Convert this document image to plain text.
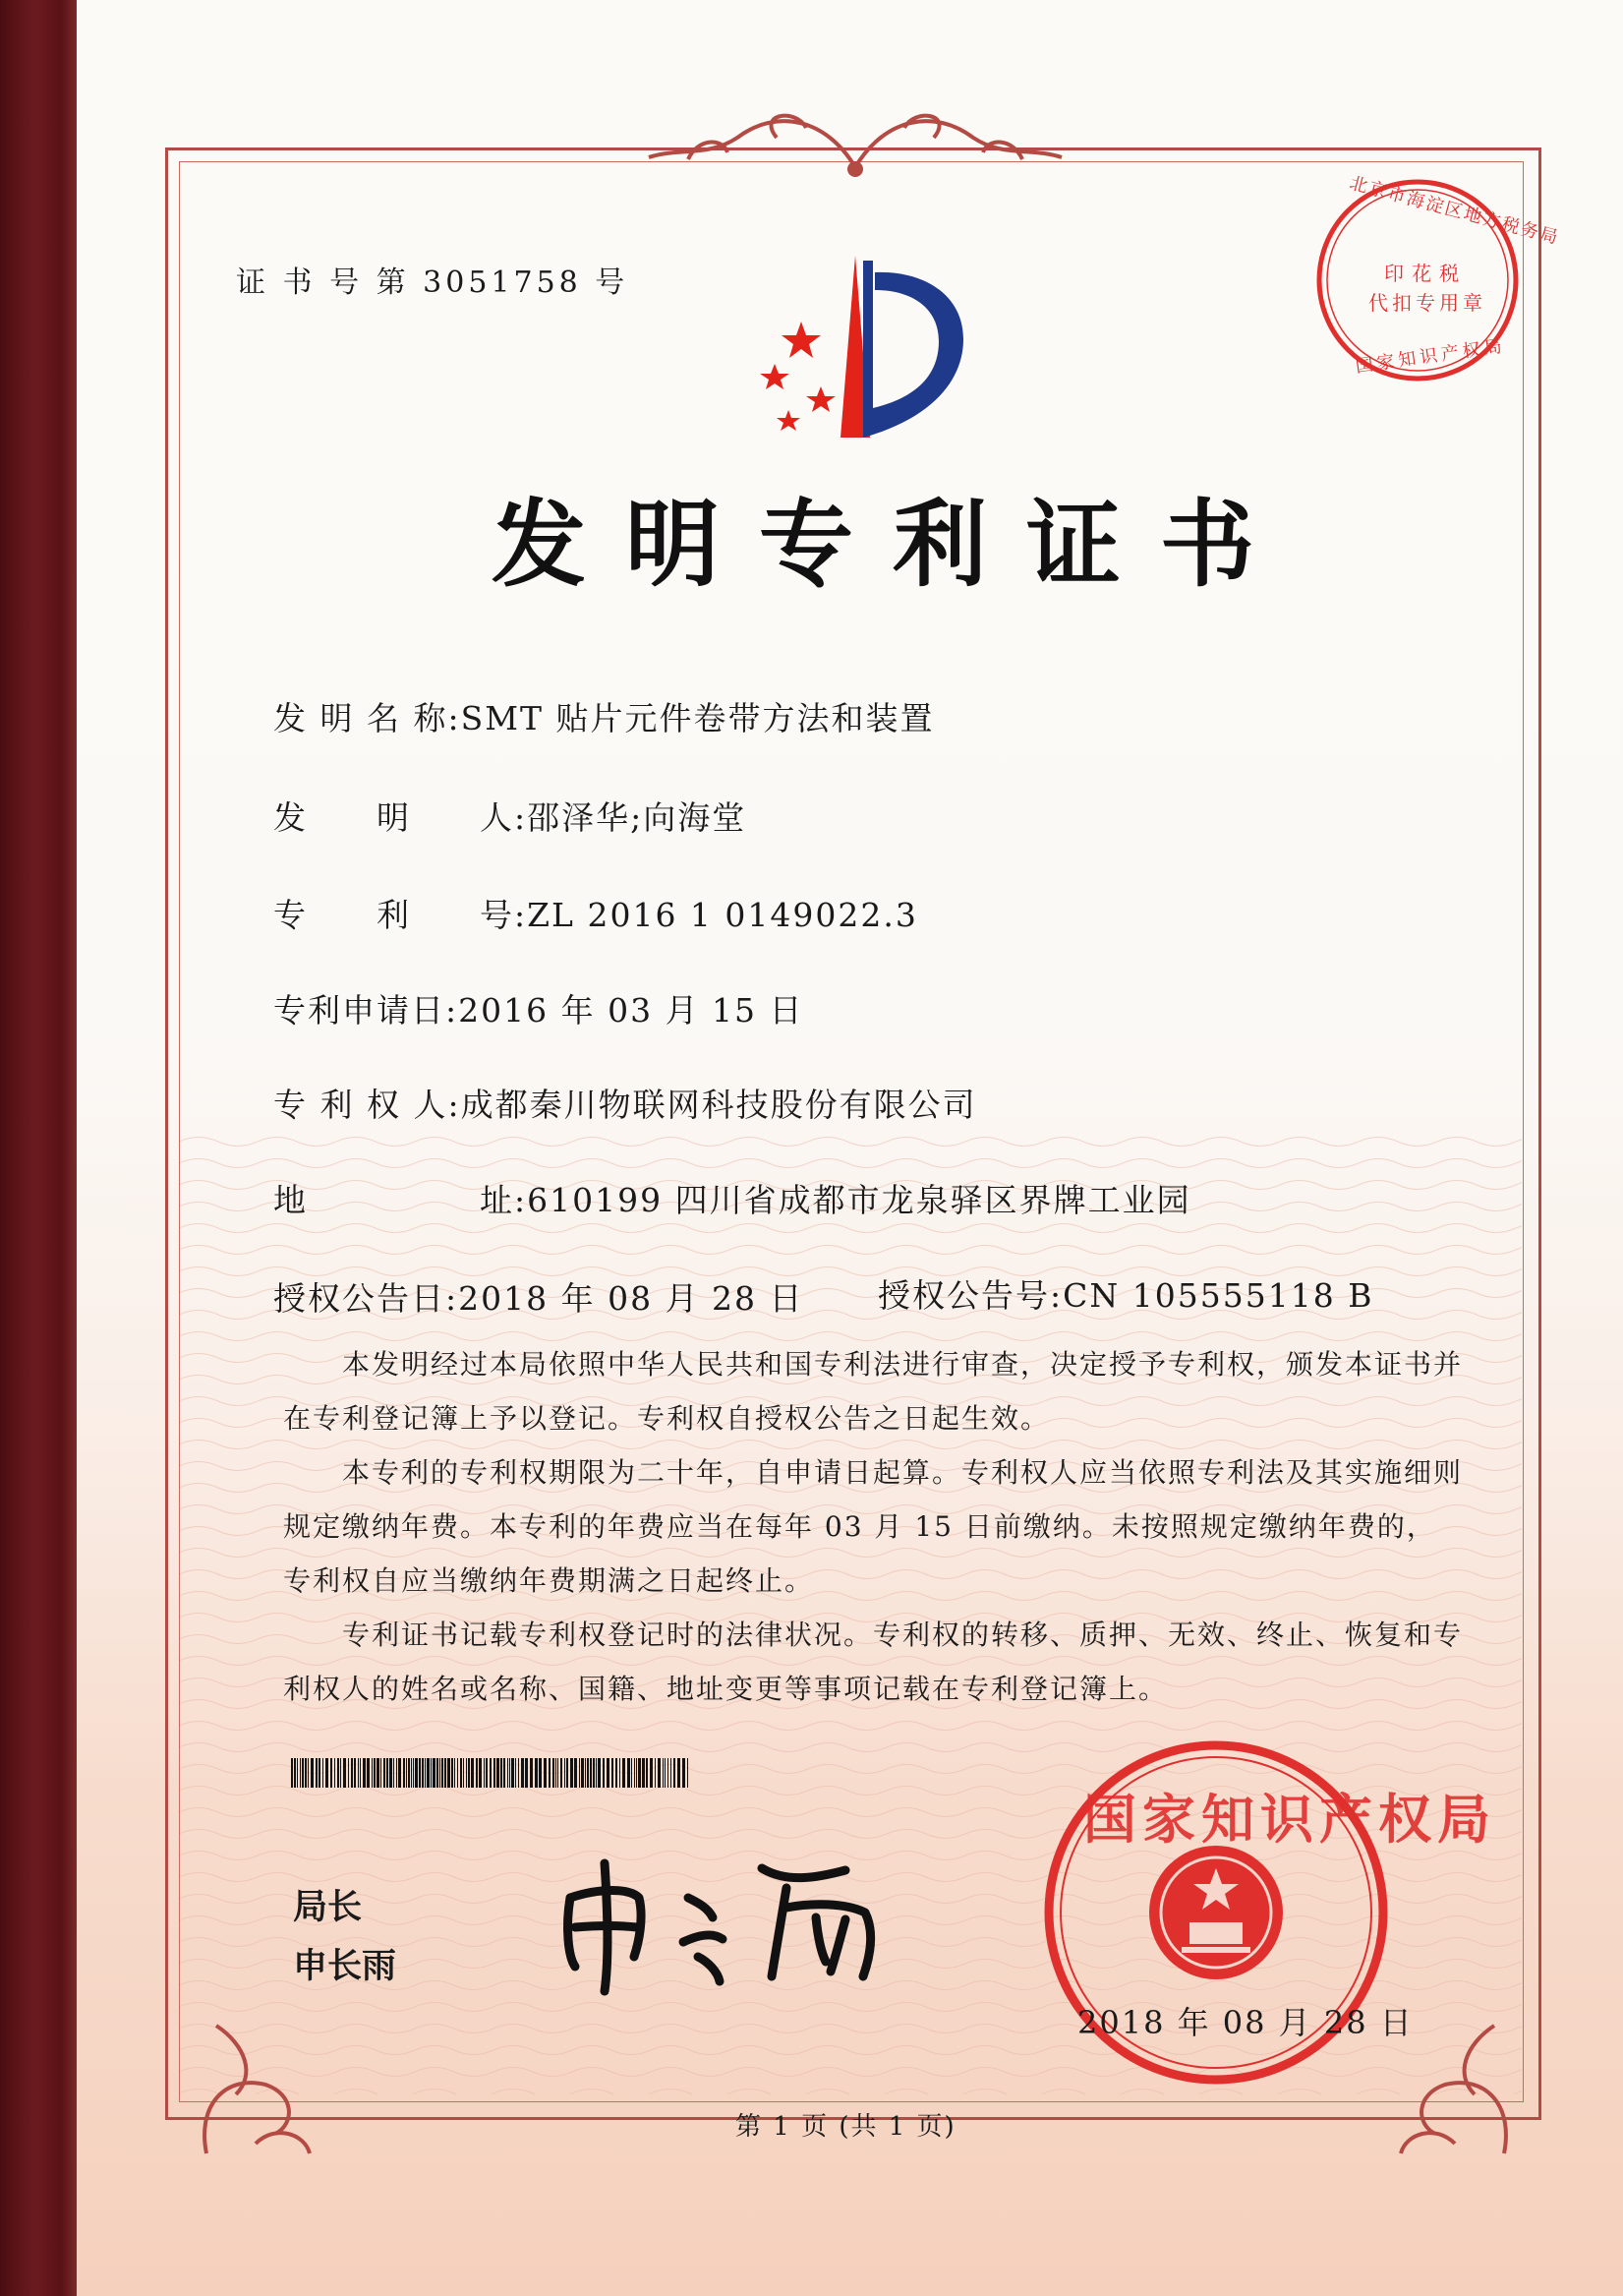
证 书 号 第 3051758 号
北京市海淀区地方税务局
印花税
代扣专用章
国家知识产权局
发明专利证书
发 明 名 称:SMT 贴片元件卷带方法和装置
发　　明　　人:邵泽华;向海堂
专　　利　　号:ZL 2016 1 0149022.3
专利申请日:2016 年 03 月 15 日
专 利 权 人:成都秦川物联网科技股份有限公司
地　　　　　址:610199 四川省成都市龙泉驿区界牌工业园
授权公告日:2018 年 08 月 28 日 授权公告号:CN 105555118 B
　　本发明经过本局依照中华人民共和国专利法进行审查，决定授予专利权，颁发本证书并在专利登记簿上予以登记。专利权自授权公告之日起生效。
　　本专利的专利权期限为二十年，自申请日起算。专利权人应当依照专利法及其实施细则规定缴纳年费。本专利的年费应当在每年 03 月 15 日前缴纳。未按照规定缴纳年费的，专利权自应当缴纳年费期满之日起终止。
　　专利证书记载专利权登记时的法律状况。专利权的转移、质押、无效、终止、恢复和专利权人的姓名或名称、国籍、地址变更等事项记载在专利登记簿上。
局长
申长雨
国家知识产权局
2018 年 08 月 28 日
第 1 页 (共 1 页)
